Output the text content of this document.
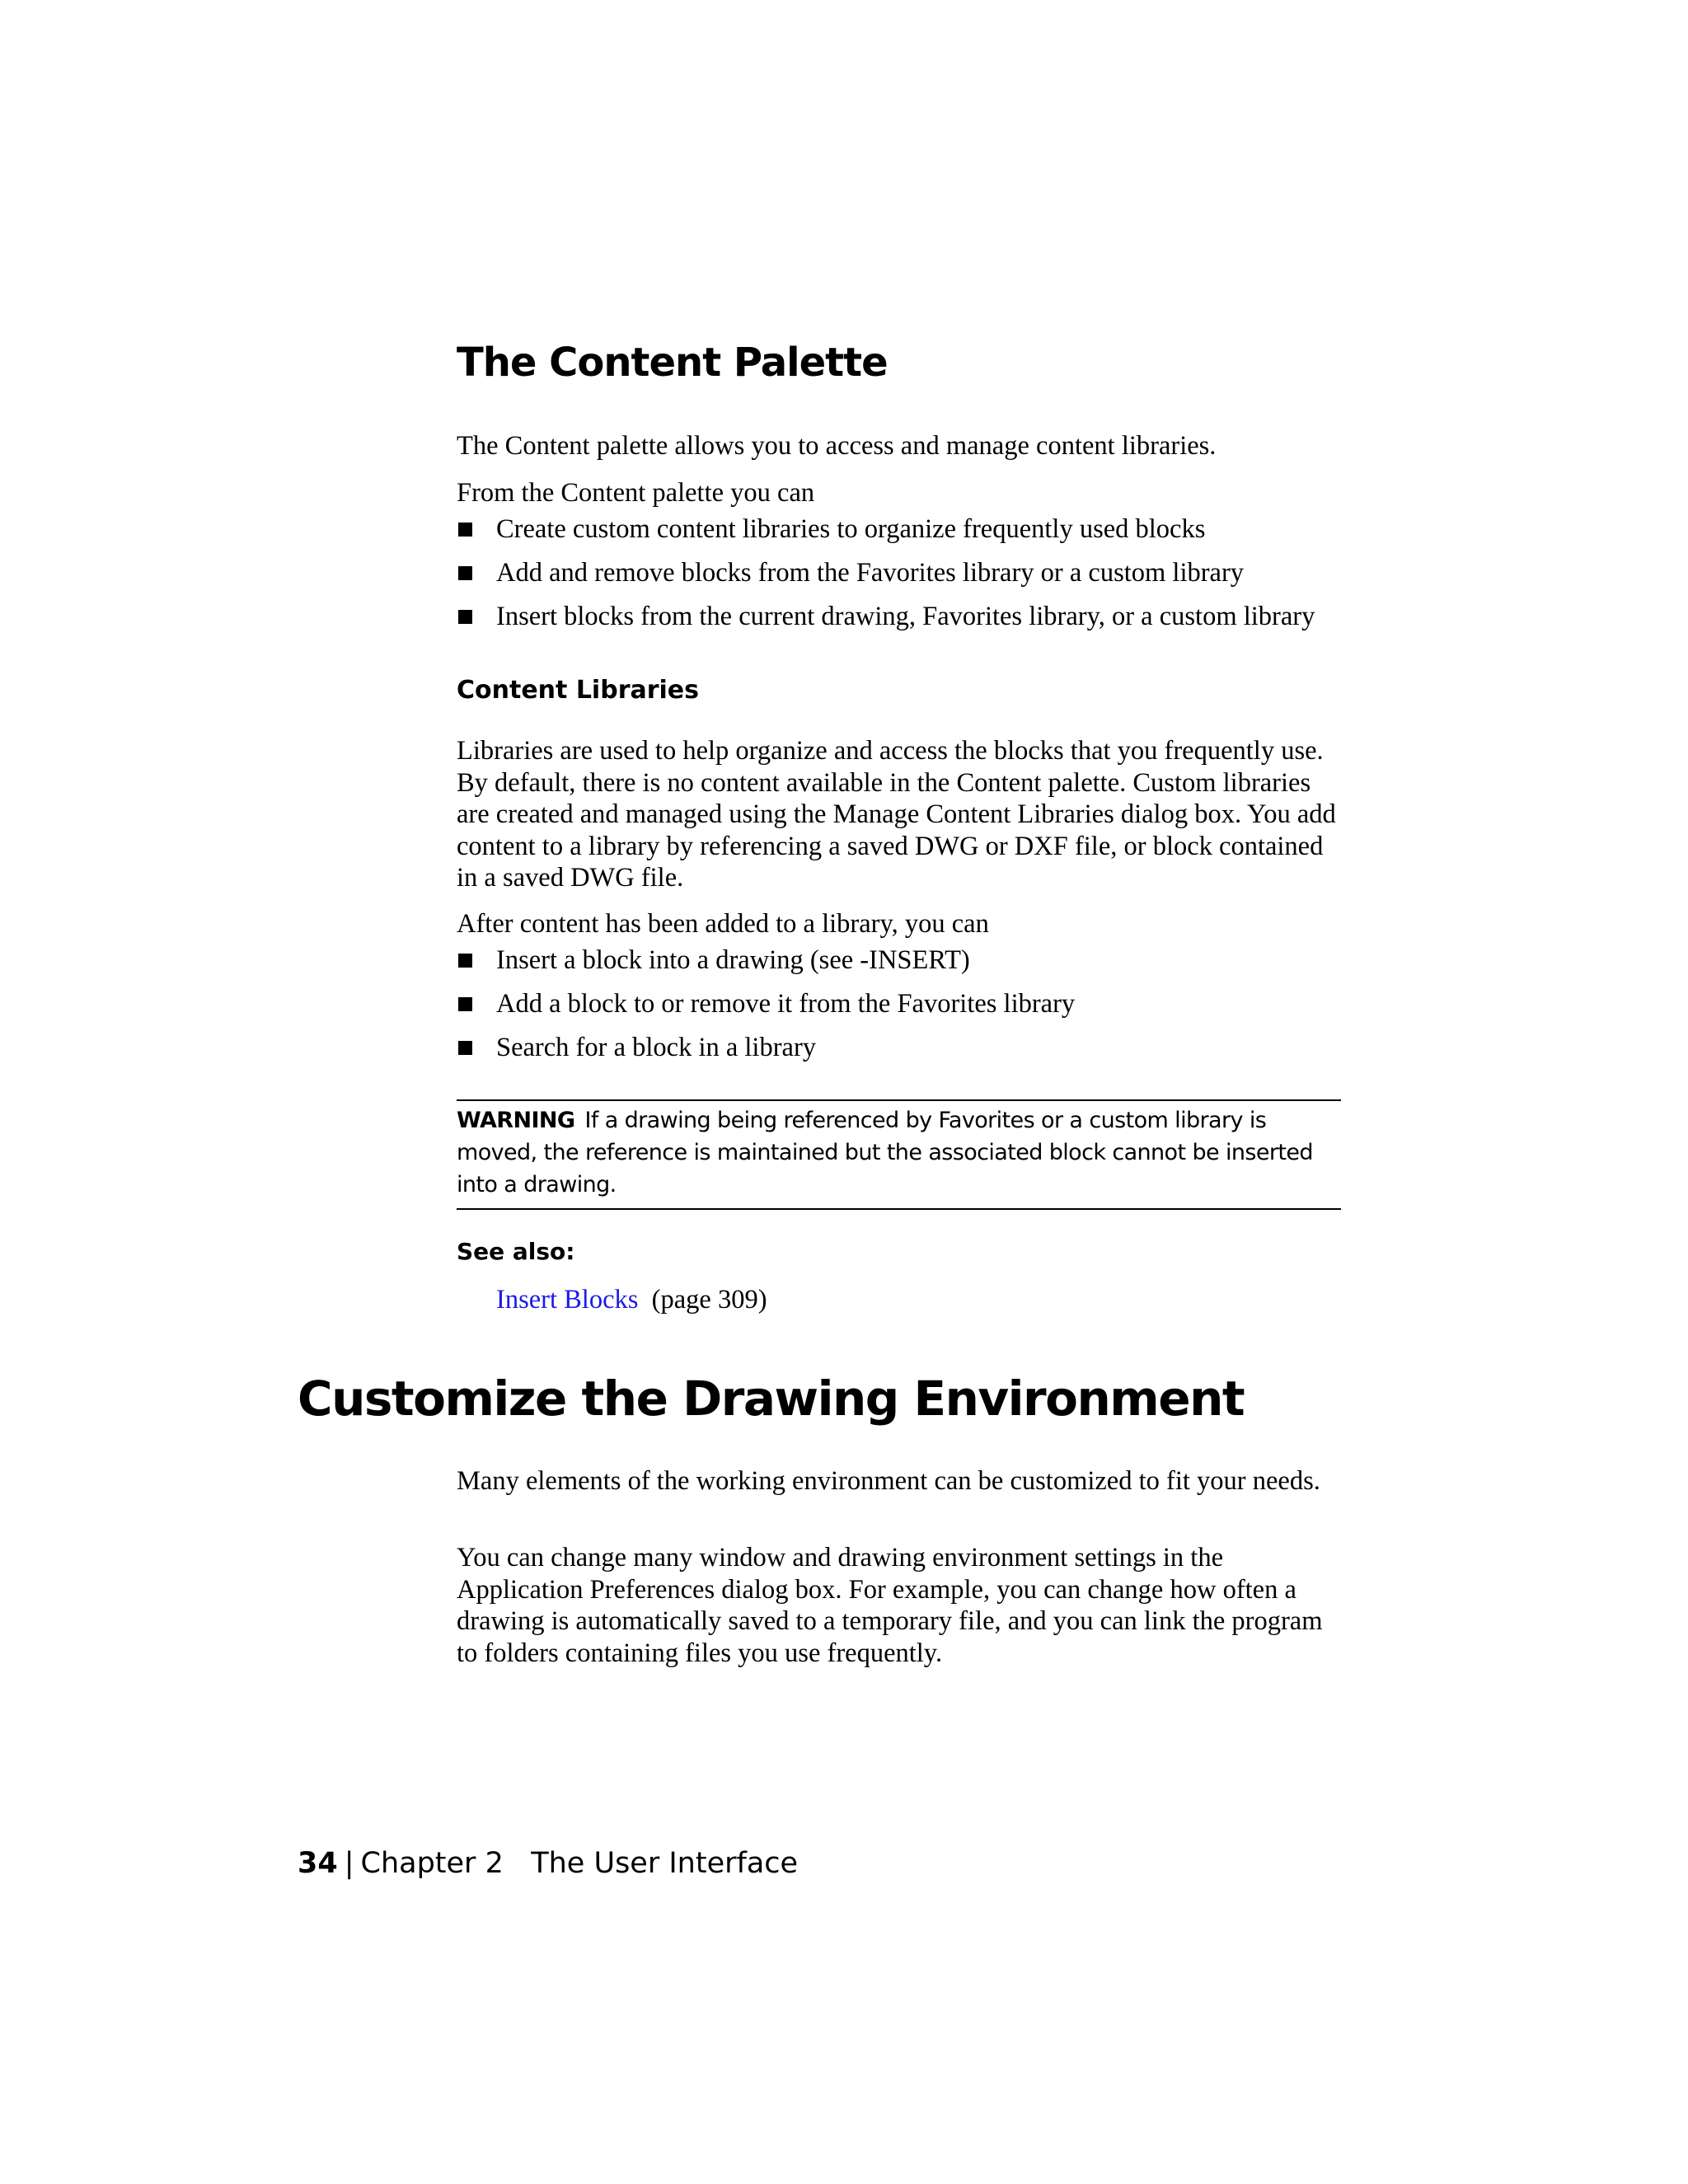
The Content Palette

The Content palette allows you to access and manage content libraries.

From the Content palette you can

Create custom content libraries to organize frequently used blocks
Add and remove blocks from the Favorites library or a custom library
Insert blocks from the current drawing, Favorites library, or a custom library
Content Libraries

Libraries are used to help organize and access the blocks that you frequently use. By default, there is no content available in the Content palette. Custom libraries are created and managed using the Manage Content Libraries dialog box. You add content to a library by referencing a saved DWG or DXF file, or block contained in a saved DWG file.

After content has been added to a library, you can

Insert a block into a drawing (see -INSERT)
Add a block to or remove it from the Favorites library
Search for a block in a library

WARNING If a drawing being referenced by Favorites or a custom library is moved, the reference is maintained but the associated block cannot be inserted into a drawing.

See also:

Insert Blocks (page 309)

Customize the Drawing Environment

Many elements of the working environment can be customized to fit your needs.

You can change many window and drawing environment settings in the Application Preferences dialog box. For example, you can change how often a drawing is automatically saved to a temporary file, and you can link the program to folders containing files you use frequently.

34 | Chapter 2 The User Interface
